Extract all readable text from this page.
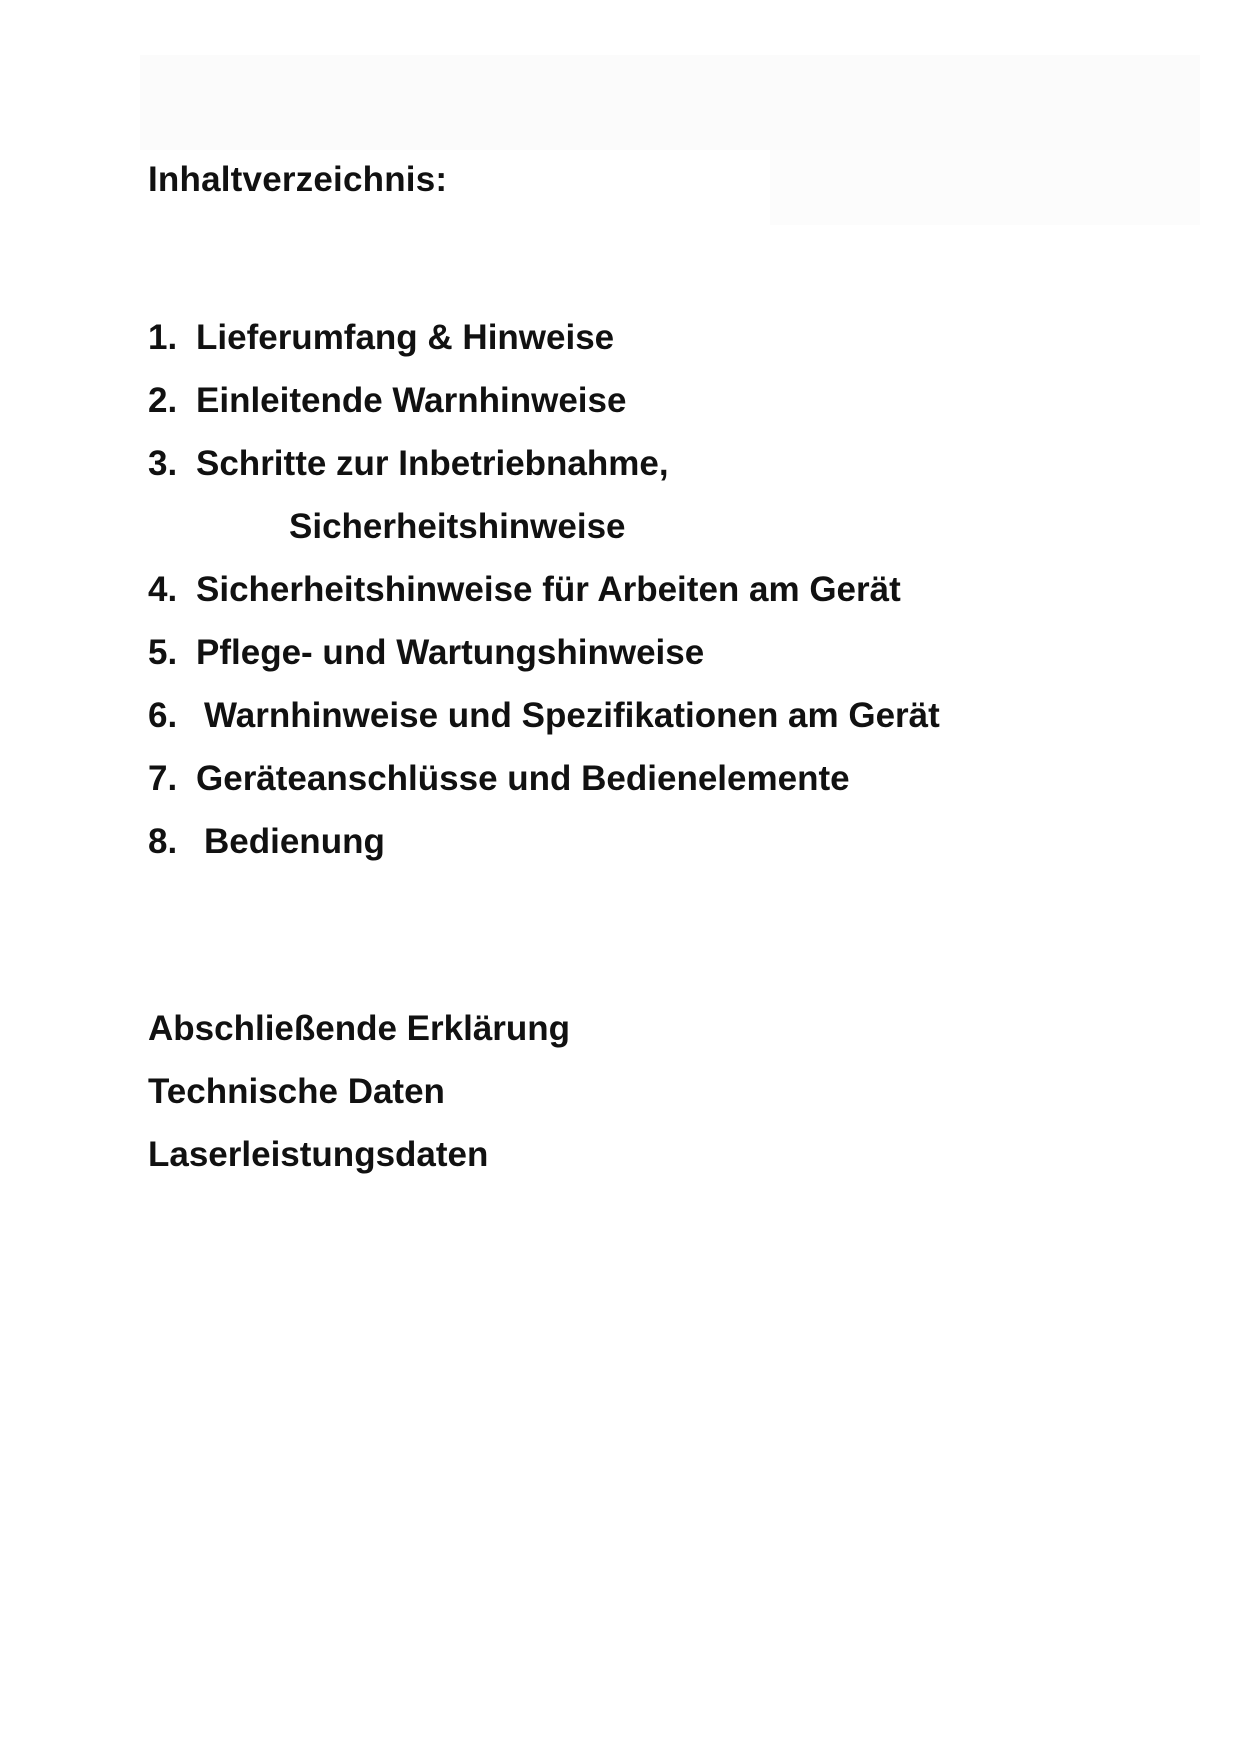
Inhaltverzeichnis:
1. Lieferumfang & Hinweise
2. Einleitende Warnhinweise
3. Schritte zur Inbetriebnahme,
Sicherheitshinweise
4. Sicherheitshinweise für Arbeiten am Gerät
5. Pflege- und Wartungshinweise
6. Warnhinweise und Spezifikationen am Gerät
7. Geräteanschlüsse und Bedienelemente
8. Bedienung
Abschließende Erklärung
Technische Daten
Laserleistungsdaten
